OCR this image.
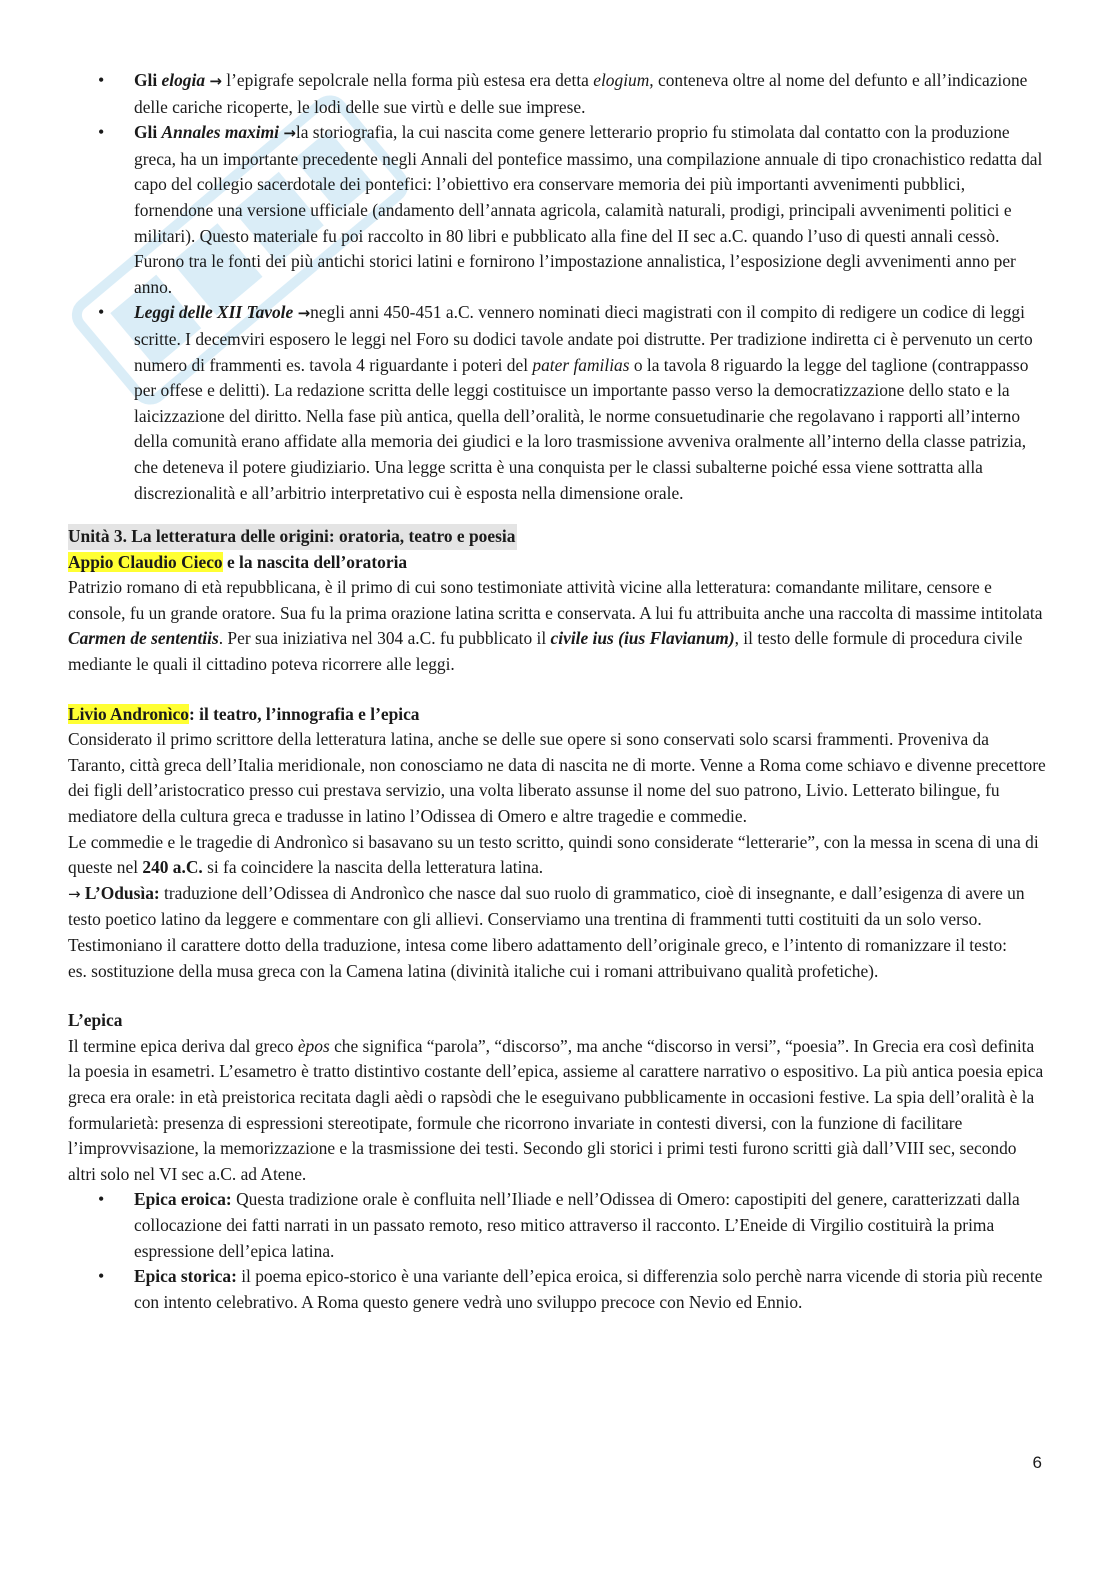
• Gli elogia → l’epigrafe sepolcrale nella forma più estesa era detta elogium, conteneva oltre al nome del defunto e all’indicazione delle cariche ricoperte, le lodi delle sue virtù e delle sue imprese.
• Gli Annales maximi →la storiografia, la cui nascita come genere letterario proprio fu stimolata dal contatto con la produzione greca, ha un importante precedente negli Annali del pontefice massimo, una compilazione annuale di tipo cronachistico redatta dal capo del collegio sacerdotale dei pontefici: l’obiettivo era conservare memoria dei più importanti avvenimenti pubblici, fornendone una versione ufficiale (andamento dell’annata agricola, calamità naturali, prodigi, principali avvenimenti politici e militari). Questo materiale fu poi raccolto in 80 libri e pubblicato alla fine del II sec a.C. quando l’uso di questi annali cessò. Furono tra le fonti dei più antichi storici latini e fornirono l’impostazione annalistica, l’esposizione degli avvenimenti anno per anno.
• Leggi delle XII Tavole →negli anni 450-451 a.C. vennero nominati dieci magistrati con il compito di redigere un codice di leggi scritte. I decemviri esposero le leggi nel Foro su dodici tavole andate poi distrutte. Per tradizione indiretta ci è pervenuto un certo numero di frammenti es. tavola 4 riguardante i poteri del pater familias o la tavola 8 riguardo la legge del taglione (contrappasso per offese e delitti). La redazione scritta delle leggi costituisce un importante passo verso la democratizzazione dello stato e la laicizzazione del diritto. Nella fase più antica, quella dell’oralità, le norme consuetudinarie che regolavano i rapporti all’interno della comunità erano affidate alla memoria dei giudici e la loro trasmissione avveniva oralmente all’interno della classe patrizia, che deteneva il potere giudiziario. Una legge scritta è una conquista per le classi subalterne poiché essa viene sottratta alla discrezionalità e all’arbitrio interpretativo cui è esposta nella dimensione orale.
Unità 3. La letteratura delle origini: oratoria, teatro e poesia
Appio Claudio Cieco e la nascita dell’oratoria

Patrizio romano di età repubblicana, è il primo di cui sono testimoniate attività vicine alla letteratura: comandante militare, censore e console, fu un grande oratore. Sua fu la prima orazione latina scritta e conservata. A lui fu attribuita anche una raccolta di massime intitolata Carmen de sententiis. Per sua iniziativa nel 304 a.C. fu pubblicato il civile ius (ius Flavianum), il testo delle formule di procedura civile mediante le quali il cittadino poteva ricorrere alle leggi.

Livio Andronìco: il teatro, l’innografia e l’epica

Considerato il primo scrittore della letteratura latina, anche se delle sue opere si sono conservati solo scarsi frammenti. Proveniva da Taranto, città greca dell’Italia meridionale, non conosciamo ne data di nascita ne di morte. Venne a Roma come schiavo e divenne precettore dei figli dell’aristocratico presso cui prestava servizio, una volta liberato assunse il nome del suo patrono, Livio. Letterato bilingue, fu mediatore della cultura greca e tradusse in latino l’Odissea di Omero e altre tragedie e commedie.

Le commedie e le tragedie di Andronìco si basavano su un testo scritto, quindi sono considerate “letterarie”, con la messa in scena di una di queste nel 240 a.C. si fa coincidere la nascita della letteratura latina.

→ L’Odusìa: traduzione dell’Odissea di Andronìco che nasce dal suo ruolo di grammatico, cioè di insegnante, e dall’esigenza di avere un testo poetico latino da leggere e commentare con gli allievi. Conserviamo una trentina di frammenti tutti costituiti da un solo verso. Testimoniano il carattere dotto della traduzione, intesa come libero adattamento dell’originale greco, e l’intento di romanizzare il testo:

es. sostituzione della musa greca con la Camena latina (divinità italiche cui i romani attribuivano qualità profetiche).

L’epica

Il termine epica deriva dal greco èpos che significa “parola”, “discorso”, ma anche “discorso in versi”, “poesia”. In Grecia era così definita la poesia in esametri. L’esametro è tratto distintivo costante dell’epica, assieme al carattere narrativo o espositivo. La più antica poesia epica greca era orale: in età preistorica recitata dagli aèdi o rapsòdi che le eseguivano pubblicamente in occasioni festive. La spia dell’oralità è la formularietà: presenza di espressioni stereotipate, formule che ricorrono invariate in contesti diversi, con la funzione di facilitare l’improvvisazione, la memorizzazione e la trasmissione dei testi. Secondo gli storici i primi testi furono scritti già dall’VIII sec, secondo altri solo nel VI sec a.C. ad Atene.

• Epica eroica: Questa tradizione orale è confluita nell’Iliade e nell’Odissea di Omero: capostipiti del genere, caratterizzati dalla collocazione dei fatti narrati in un passato remoto, reso mitico attraverso il racconto. L’Eneide di Virgilio costituirà la prima espressione dell’epica latina.
• Epica storica: il poema epico-storico è una variante dell’epica eroica, si differenzia solo perchè narra vicende di storia più recente con intento celebrativo. A Roma questo genere vedrà uno sviluppo precoce con Nevio ed Ennio.
6
